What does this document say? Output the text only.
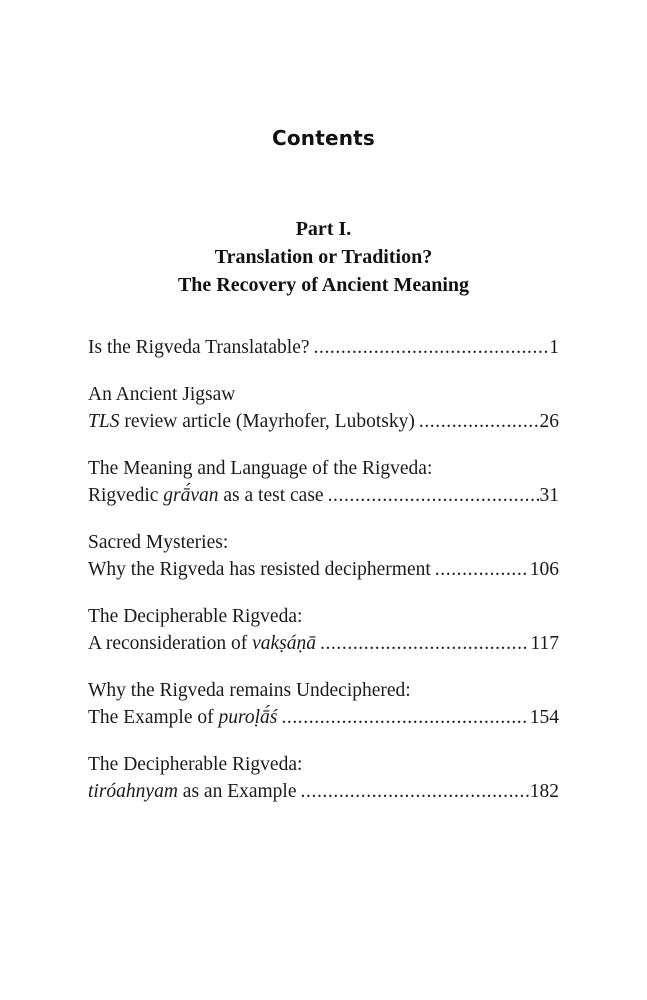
Contents
Part I.
Translation or Tradition?
The Recovery of Ancient Meaning
Is the Rigveda Translatable? .....	1
An Ancient Jigsaw
TLS review article (Mayrhofer, Lubotsky) .....	26
The Meaning and Language of the Rigveda:
Rigvedic grā́van as a test case .....	31
Sacred Mysteries:
Why the Rigveda has resisted decipherment .....	106
The Decipherable Rigveda:
A reconsideration of vakṣáṇā .....	117
Why the Rigveda remains Undeciphered:
The Example of puroḷā́ś .....	154
The Decipherable Rigveda:
tiróahnyam as an Example .....	182
